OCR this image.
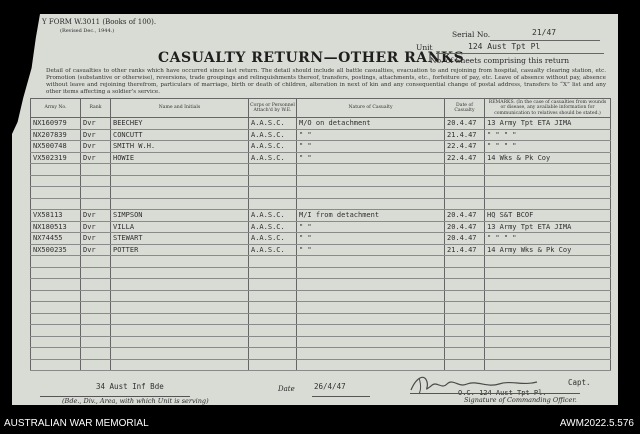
Y FORM W.3011 (Books of 100).
(Revised Dec., 1944.)	Serial No.	21/47
CASUALTY RETURN—OTHER RANKS
Unit	124 Aust Tpt Pl
No. of Sheets comprising this return
Detail of casualties to other ranks which have occurred since last return. The detail should include all battle casualties, evacuation to and rejoining from hospital, casualty clearing station, etc. Promotion (substantive or otherwise), reversions, trade groupings and relinquishments thereof, transfers, postings, attachments, etc., forfeiture of pay, etc. Leave of absence without pay, absence without leave and rejoining therefrom, particulars of marriage, birth or death of children, alteration in next of kin and any consequential change of postal address, transfers to “X” list and any other items affecting a soldier’s service.
Army No.	Rank	Name and Initials	Corps or Personnel Attach'd by W.E.	Nature of Casualty	Date of Casualty	REMARKS. (In the case of casualties from wounds or disease, any available information for communication to relatives should be stated.)
NX160979	Dvr	BEECHEY	A.A.S.C.	M/O on detachment	20.4.47	13 Army Tpt ETA JIMA
NX207839	Dvr	CONCUTT	A.A.S.C.	" "	21.4.47	" " " "
NX500748	Dvr	SMITH W.H.	A.A.S.C.	" "	22.4.47	" " " "
VX502319	Dvr	HOWIE	A.A.S.C.	" "	22.4.47	14 Wks & Pk Coy

VX58113	Dvr	SIMPSON	A.A.S.C.	M/I from detachment	20.4.47	HQ S&T BCOF
NX180513	Dvr	VILLA	A.A.S.C.	" "	20.4.47	13 Army Tpt ETA JIMA
NX74455	Dvr	STEWART	A.A.S.C.	" "	20.4.47	" " " "
NX500235	Dvr	POTTER	A.A.S.C.	" "	21.4.47	14 Army Wks & Pk Coy

34 Aust Inf Bde
(Bde., Div., Area, with which Unit is serving)
Date	26/4/47	Capt.
O.C. 124 Aust Tpt Pl.
Signature of Commanding Officer.
AUSTRALIAN WAR MEMORIAL	AWM2022.5.576
